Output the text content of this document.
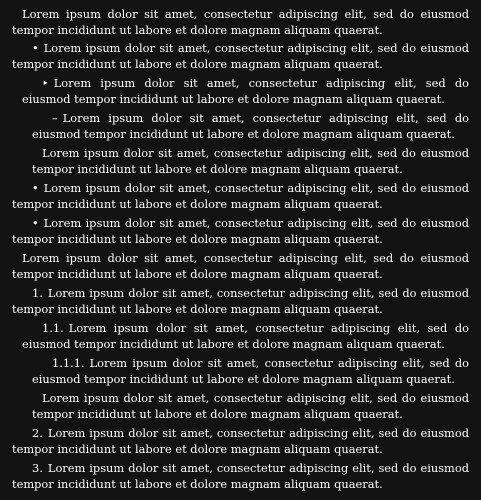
Lorem ipsum dolor sit amet, consectetur adipiscing elit, sed do eiusmod tempor incididunt ut labore et dolore magnam aliquam quaerat.
• Lorem ipsum dolor sit amet, consectetur adipiscing elit, sed do eiusmod tempor incididunt ut labore et dolore magnam aliquam quaerat.
‣ Lorem ipsum dolor sit amet, consectetur adipiscing elit, sed do eiusmod tempor incididunt ut labore et dolore magnam aliquam quaerat.
– Lorem ipsum dolor sit amet, consectetur adipiscing elit, sed do eiusmod tempor incididunt ut labore et dolore magnam aliquam quaerat.
Lorem ipsum dolor sit amet, consectetur adipiscing elit, sed do eiusmod tempor incididunt ut labore et dolore magnam aliquam quaerat.
• Lorem ipsum dolor sit amet, consectetur adipiscing elit, sed do eiusmod tempor incididunt ut labore et dolore magnam aliquam quaerat.
• Lorem ipsum dolor sit amet, consectetur adipiscing elit, sed do eiusmod tempor incididunt ut labore et dolore magnam aliquam quaerat.
Lorem ipsum dolor sit amet, consectetur adipiscing elit, sed do eiusmod tempor incididunt ut labore et dolore magnam aliquam quaerat.
1. Lorem ipsum dolor sit amet, consectetur adipiscing elit, sed do eiusmod tempor incididunt ut labore et dolore magnam aliquam quaerat.
1.1. Lorem ipsum dolor sit amet, consectetur adipiscing elit, sed do eiusmod tempor incididunt ut labore et dolore magnam aliquam quaerat.
1.1.1. Lorem ipsum dolor sit amet, consectetur adipiscing elit, sed do eiusmod tempor incididunt ut labore et dolore magnam aliquam quaerat.
Lorem ipsum dolor sit amet, consectetur adipiscing elit, sed do eiusmod tempor incididunt ut labore et dolore magnam aliquam quaerat.
2. Lorem ipsum dolor sit amet, consectetur adipiscing elit, sed do eiusmod tempor incididunt ut labore et dolore magnam aliquam quaerat.
3. Lorem ipsum dolor sit amet, consectetur adipiscing elit, sed do eiusmod tempor incididunt ut labore et dolore magnam aliquam quaerat.
